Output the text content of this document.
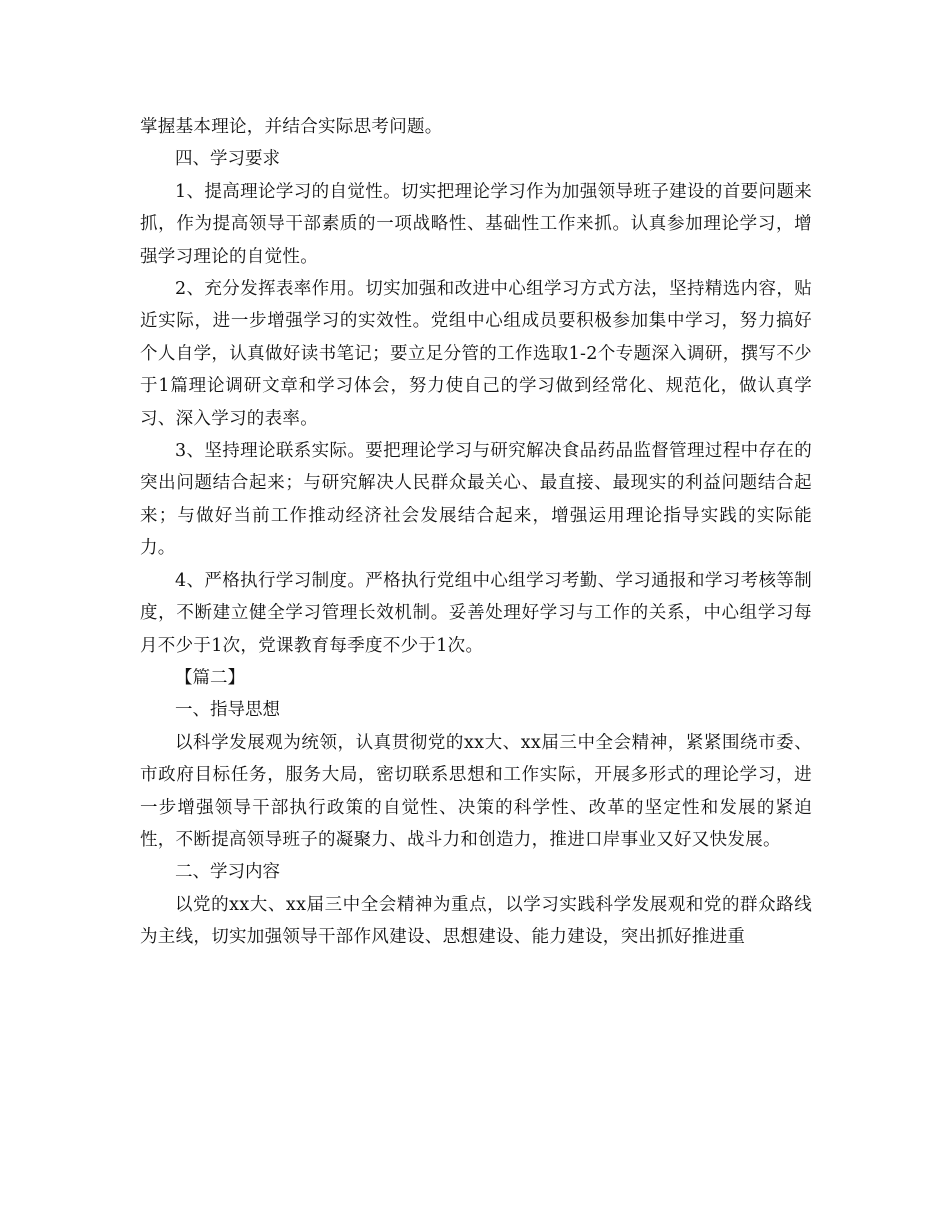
掌握基本理论，并结合实际思考问题。

四、学习要求

1、提高理论学习的自觉性。切实把理论学习作为加强领导班子建设的首要问题来抓，作为提高领导干部素质的一项战略性、基础性工作来抓。认真参加理论学习，增强学习理论的自觉性。

2、充分发挥表率作用。切实加强和改进中心组学习方式方法，坚持精选内容，贴近实际，进一步增强学习的实效性。党组中心组成员要积极参加集中学习，努力搞好个人自学，认真做好读书笔记；要立足分管的工作选取1-2个专题深入调研，撰写不少于1篇理论调研文章和学习体会，努力使自己的学习做到经常化、规范化，做认真学习、深入学习的表率。

3、坚持理论联系实际。要把理论学习与研究解决食品药品监督管理过程中存在的突出问题结合起来；与研究解决人民群众最关心、最直接、最现实的利益问题结合起来；与做好当前工作推动经济社会发展结合起来，增强运用理论指导实践的实际能力。

4、严格执行学习制度。严格执行党组中心组学习考勤、学习通报和学习考核等制度，不断建立健全学习管理长效机制。妥善处理好学习与工作的关系，中心组学习每月不少于1次，党课教育每季度不少于1次。

【篇二】

一、指导思想

以科学发展观为统领，认真贯彻党的xx大、xx届三中全会精神，紧紧围绕市委、市政府目标任务，服务大局，密切联系思想和工作实际，开展多形式的理论学习，进一步增强领导干部执行政策的自觉性、决策的科学性、改革的坚定性和发展的紧迫性，不断提高领导班子的凝聚力、战斗力和创造力，推进口岸事业又好又快发展。

二、学习内容

以党的xx大、xx届三中全会精神为重点，以学习实践科学发展观和党的群众路线为主线，切实加强领导干部作风建设、思想建设、能力建设，突出抓好推进重
